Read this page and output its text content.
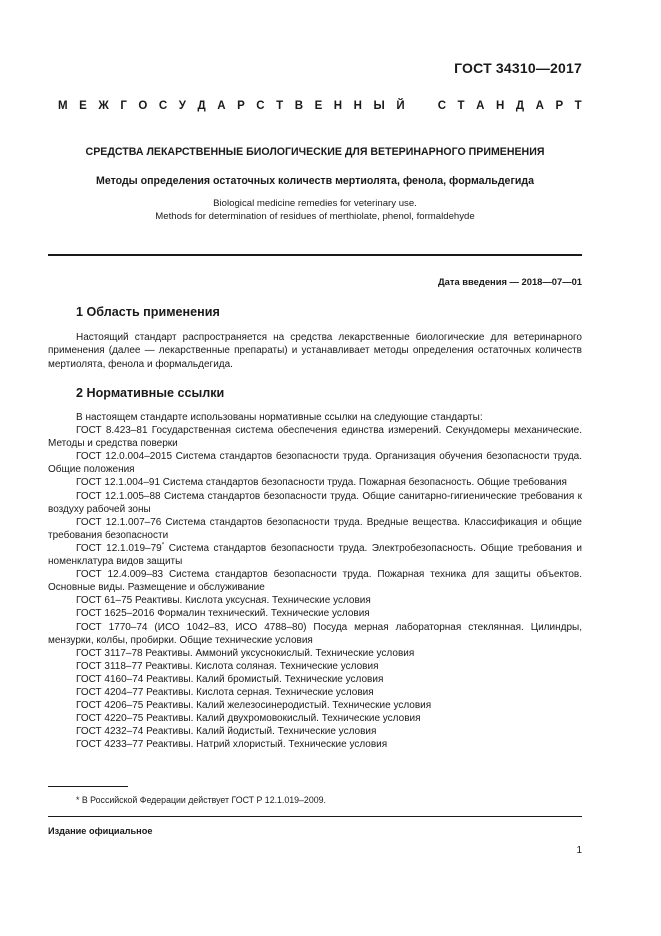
ГОСТ 34310—2017
М Е Ж Г О С У Д А Р С Т В Е Н Н Ы Й	С Т А Н Д А Р Т
СРЕДСТВА ЛЕКАРСТВЕННЫЕ БИОЛОГИЧЕСКИЕ ДЛЯ ВЕТЕРИНАРНОГО ПРИМЕНЕНИЯ
Методы определения остаточных количеств мертиолята, фенола, формальдегида
Biological medicine remedies for veterinary use.
Methods for determination of residues of merthiolate, phenol, formaldehyde
Дата введения — 2018—07—01
1 Область применения
Настоящий стандарт распространяется на средства лекарственные биологические для ветеринарного применения (далее — лекарственные препараты) и устанавливает методы определения остаточных количеств мертиолята, фенола и формальдегида.
2 Нормативные ссылки
В настоящем стандарте использованы нормативные ссылки на следующие стандарты:
ГОСТ 8.423–81 Государственная система обеспечения единства измерений. Секундомеры механические. Методы и средства поверки
ГОСТ 12.0.004–2015 Система стандартов безопасности труда. Организация обучения безопасности труда. Общие положения
ГОСТ 12.1.004–91 Система стандартов безопасности труда. Пожарная безопасность. Общие требования
ГОСТ 12.1.005–88 Система стандартов безопасности труда. Общие санитарно-гигиенические требования к воздуху рабочей зоны
ГОСТ 12.1.007–76 Система стандартов безопасности труда. Вредные вещества. Классификация и общие требования безопасности
ГОСТ 12.1.019–79* Система стандартов безопасности труда. Электробезопасность. Общие требования и номенклатура видов защиты
ГОСТ 12.4.009–83 Система стандартов безопасности труда. Пожарная техника для защиты объектов. Основные виды. Размещение и обслуживание
ГОСТ 61–75 Реактивы. Кислота уксусная. Технические условия
ГОСТ 1625–2016 Формалин технический. Технические условия
ГОСТ 1770–74 (ИСО 1042–83, ИСО 4788–80) Посуда мерная лабораторная стеклянная. Цилиндры, мензурки, колбы, пробирки. Общие технические условия
ГОСТ 3117–78 Реактивы. Аммоний уксуснокислый. Технические условия
ГОСТ 3118–77 Реактивы. Кислота соляная. Технические условия
ГОСТ 4160–74 Реактивы. Калий бромистый. Технические условия
ГОСТ 4204–77 Реактивы. Кислота серная. Технические условия
ГОСТ 4206–75 Реактивы. Калий железосинеродистый. Технические условия
ГОСТ 4220–75 Реактивы. Калий двухромовокислый. Технические условия
ГОСТ 4232–74 Реактивы. Калий йодистый. Технические условия
ГОСТ 4233–77 Реактивы. Натрий хлористый. Технические условия
* В Российской Федерации действует ГОСТ Р 12.1.019–2009.
Издание официальное
1
